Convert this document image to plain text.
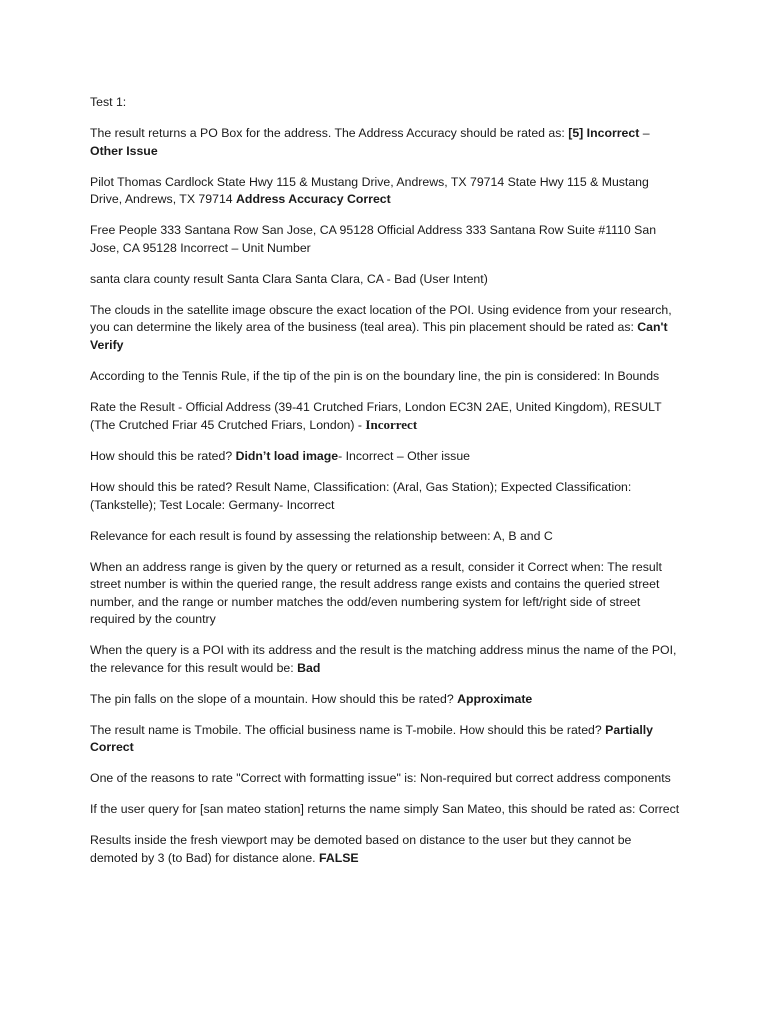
Test 1:

The result returns a PO Box for the address. The Address Accuracy should be rated as: [5] Incorrect – Other Issue

Pilot Thomas Cardlock State Hwy 115 & Mustang Drive, Andrews, TX 79714 State Hwy 115 & Mustang Drive, Andrews, TX 79714 Address Accuracy Correct

Free People 333 Santana Row San Jose, CA 95128 Official Address 333 Santana Row Suite #1110 San Jose, CA 95128 Incorrect – Unit Number

santa clara county result Santa Clara Santa Clara, CA - Bad (User Intent)

The clouds in the satellite image obscure the exact location of the POI. Using evidence from your research, you can determine the likely area of the business (teal area). This pin placement should be rated as: Can't Verify

According to the Tennis Rule, if the tip of the pin is on the boundary line, the pin is considered: In Bounds

Rate the Result - Official Address (39-41 Crutched Friars, London EC3N 2AE, United Kingdom), RESULT (The Crutched Friar 45 Crutched Friars, London) - Incorrect

How should this be rated? Didn’t load image- Incorrect – Other issue

How should this be rated? Result Name, Classification: (Aral, Gas Station); Expected Classification: (Tankstelle); Test Locale: Germany- Incorrect

Relevance for each result is found by assessing the relationship between: A, B and C

When an address range is given by the query or returned as a result, consider it Correct when: The result street number is within the queried range, the result address range exists and contains the queried street number, and the range or number matches the odd/even numbering system for left/right side of street required by the country

When the query is a POI with its address and the result is the matching address minus the name of the POI, the relevance for this result would be: Bad

The pin falls on the slope of a mountain. How should this be rated? Approximate

The result name is Tmobile. The official business name is T-mobile. How should this be rated? Partially Correct

One of the reasons to rate "Correct with formatting issue" is: Non-required but correct address components

If the user query for [san mateo station] returns the name simply San Mateo, this should be rated as: Correct

Results inside the fresh viewport may be demoted based on distance to the user but they cannot be demoted by 3 (to Bad) for distance alone. FALSE
